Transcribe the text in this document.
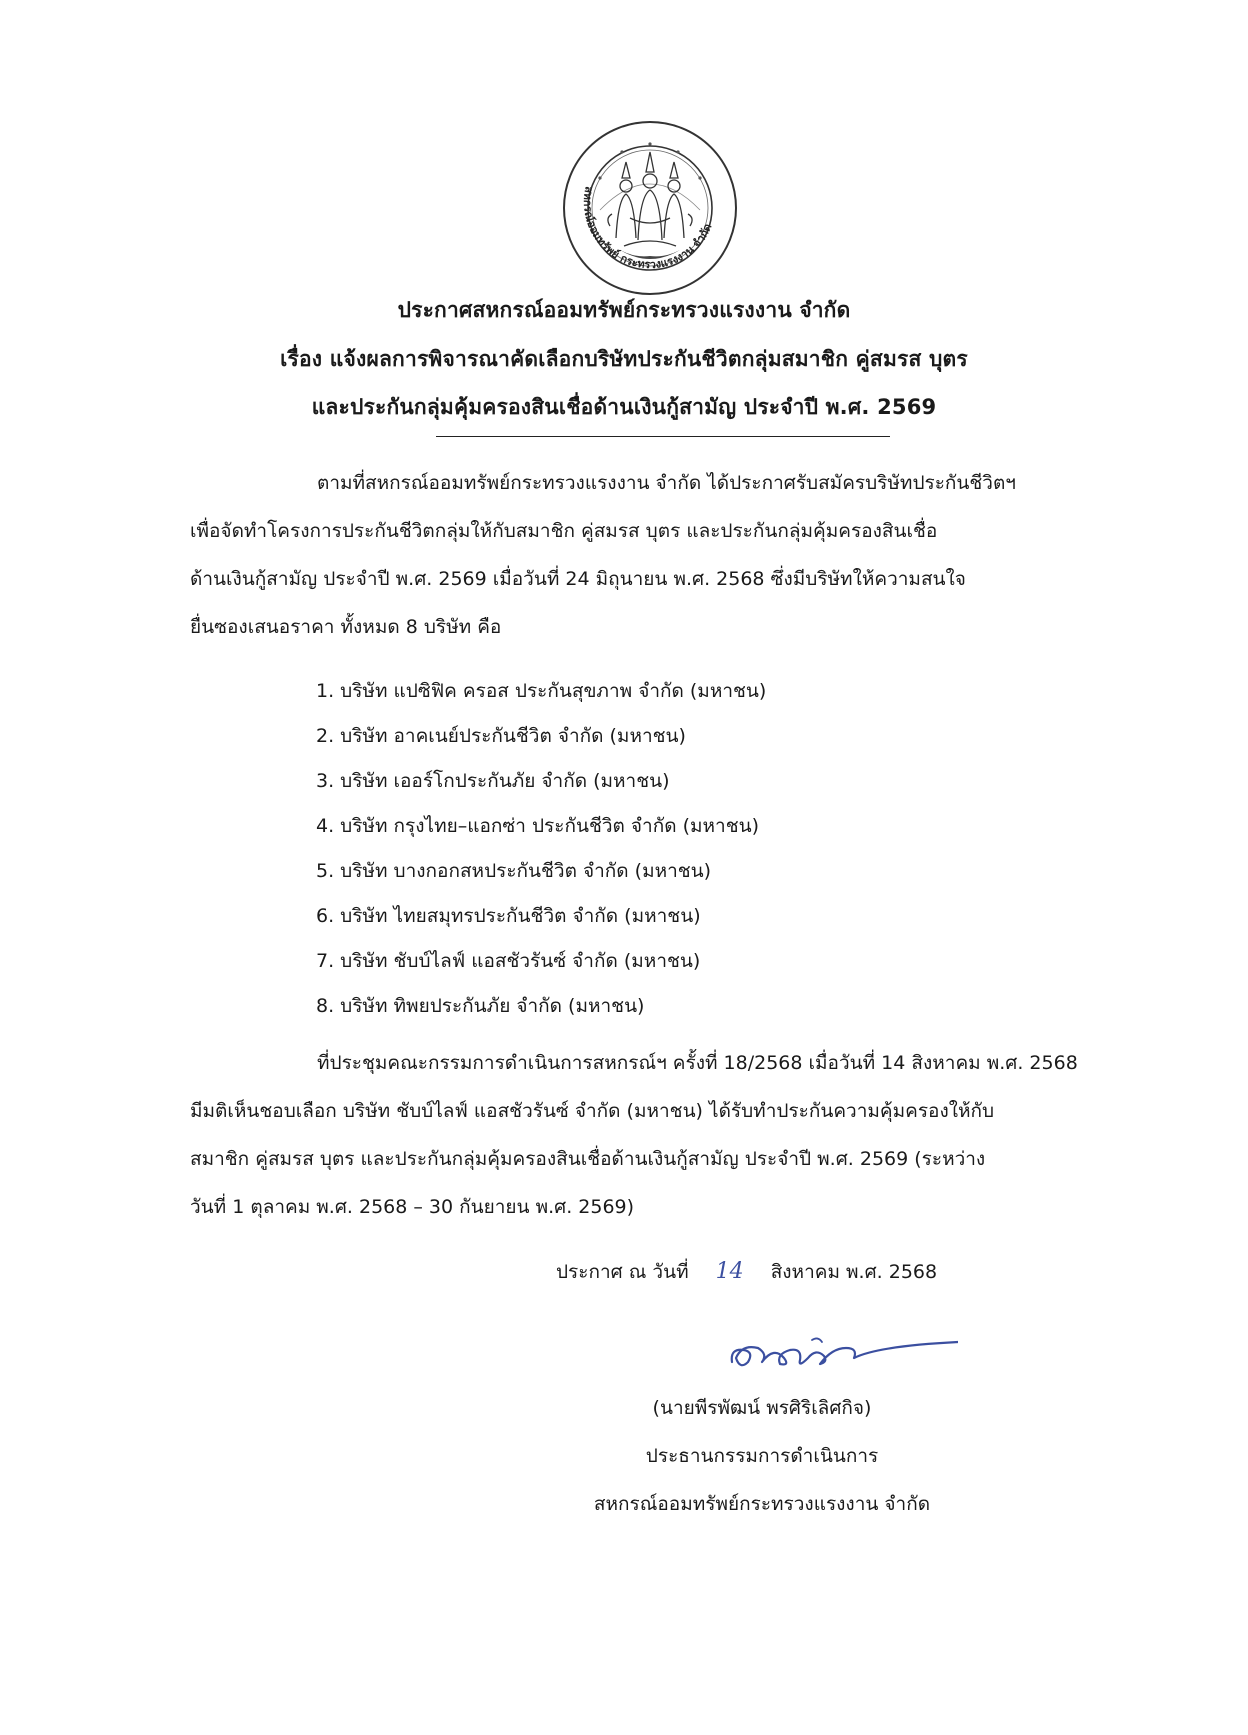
สหกรณ์ออมทรัพย์ กระทรวงแรงงาน จำกัด
ประกาศสหกรณ์ออมทรัพย์กระทรวงแรงงาน จำกัด
เรื่อง แจ้งผลการพิจารณาคัดเลือกบริษัทประกันชีวิตกลุ่มสมาชิก คู่สมรส บุตร
และประกันกลุ่มคุ้มครองสินเชื่อด้านเงินกู้สามัญ ประจำปี พ.ศ. 2569
ตามที่สหกรณ์ออมทรัพย์กระทรวงแรงงาน จำกัด ได้ประกาศรับสมัครบริษัทประกันชีวิตฯ
เพื่อจัดทำโครงการประกันชีวิตกลุ่มให้กับสมาชิก คู่สมรส บุตร และประกันกลุ่มคุ้มครองสินเชื่อ
ด้านเงินกู้สามัญ ประจำปี พ.ศ. 2569 เมื่อวันที่ 24 มิถุนายน พ.ศ. 2568 ซึ่งมีบริษัทให้ความสนใจ
ยื่นซองเสนอราคา ทั้งหมด 8 บริษัท คือ
1. บริษัท แปซิฟิค ครอส ประกันสุขภาพ จำกัด (มหาชน)
2. บริษัท อาคเนย์ประกันชีวิต จำกัด (มหาชน)
3. บริษัท เออร์โกประกันภัย จำกัด (มหาชน)
4. บริษัท กรุงไทย–แอกซ่า ประกันชีวิต จำกัด (มหาชน)
5. บริษัท บางกอกสหประกันชีวิต จำกัด (มหาชน)
6. บริษัท ไทยสมุทรประกันชีวิต จำกัด (มหาชน)
7. บริษัท ชับบ์ไลฟ์ แอสชัวรันซ์ จำกัด (มหาชน)
8. บริษัท ทิพยประกันภัย จำกัด (มหาชน)
ที่ประชุมคณะกรรมการดำเนินการสหกรณ์ฯ ครั้งที่ 18/2568 เมื่อวันที่ 14 สิงหาคม พ.ศ. 2568
มีมติเห็นชอบเลือก บริษัท ชับบ์ไลฟ์ แอสชัวรันซ์ จำกัด (มหาชน) ได้รับทำประกันความคุ้มครองให้กับ
สมาชิก คู่สมรส บุตร และประกันกลุ่มคุ้มครองสินเชื่อด้านเงินกู้สามัญ ประจำปี พ.ศ. 2569 (ระหว่าง
วันที่ 1 ตุลาคม พ.ศ. 2568 – 30 กันยายน พ.ศ. 2569)
ประกาศ ณ วันที่ 14 สิงหาคม พ.ศ. 2568
(นายพีรพัฒน์ พรศิริเลิศกิจ)
ประธานกรรมการดำเนินการ
สหกรณ์ออมทรัพย์กระทรวงแรงงาน จำกัด
